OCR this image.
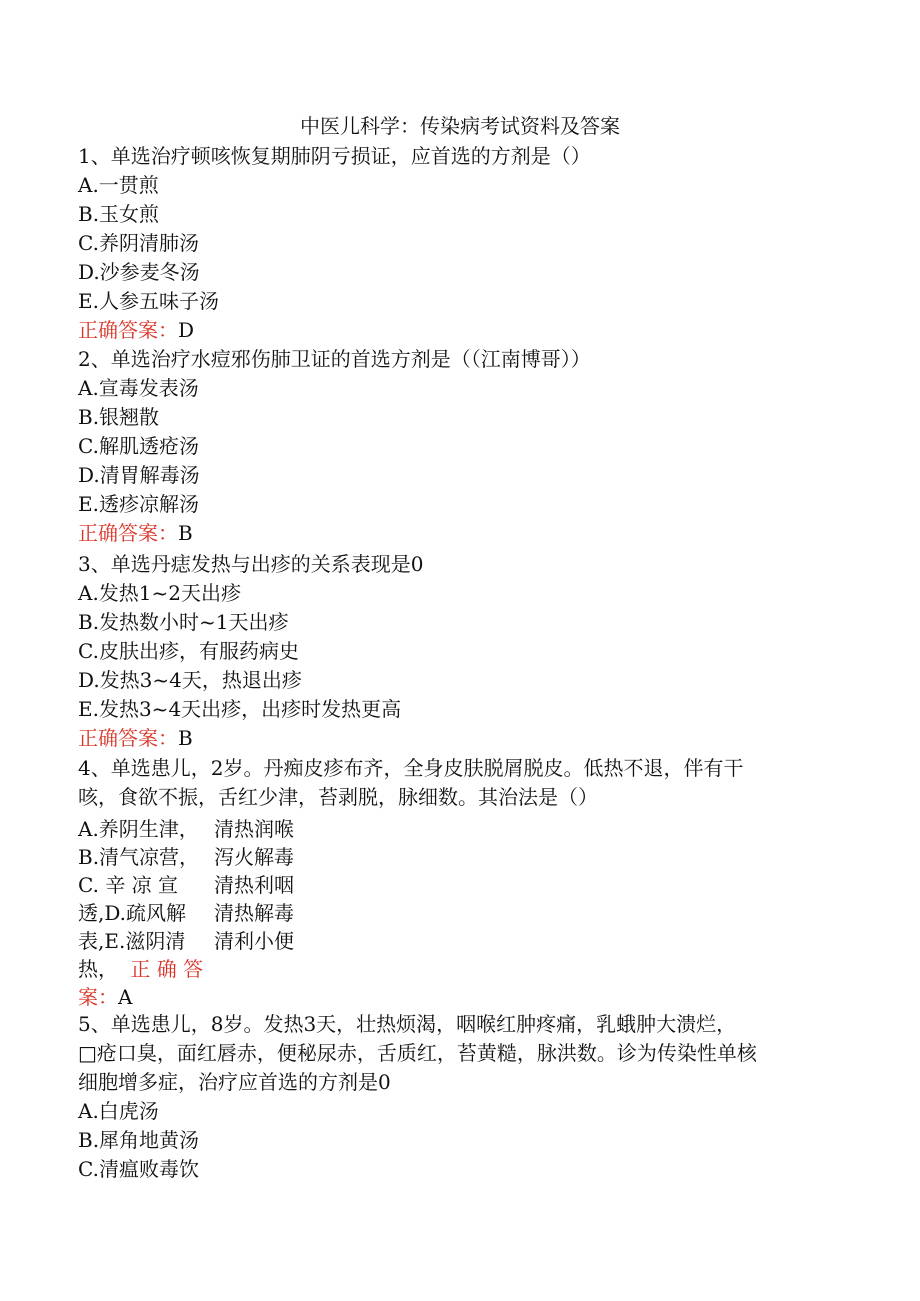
中医儿科学：传染病考试资料及答案
1、单选治疗顿咳恢复期肺阴亏损证，应首选的方剂是（）
A.一贯煎
B.玉女煎
C.养阴清肺汤
D.沙参麦冬汤
E.人参五味子汤
正确答案：D
2、单选治疗水痘邪伤肺卫证的首选方剂是（（江南博哥））
A.宣毒发表汤
B.银翘散
C.解肌透疮汤
D.清胃解毒汤
E.透疹凉解汤
正确答案：B
3、单选丹痣发热与出疹的关系表现是0
A.发热1~2天出疹
B.发热数小时~1天出疹
C.皮肤出疹，有服药病史
D.发热3~4天，热退出疹
E.发热3~4天出疹，出疹时发热更高
正确答案：B
4、单选患儿，2岁。丹痴皮疹布齐，全身皮肤脱屑脱皮。低热不退，伴有干
咳，食欲不振，舌红少津，苔剥脱，脉细数。其治法是（）
A.养阴生津，
B.清气凉营，
C. 辛 凉 宣
透,D.疏风解
表,E.滋阴清
热， 正 确 答
案：A
清热润喉
泻火解毒
清热利咽
清热解毒
清利小便
5、单选患儿，8岁。发热3天，壮热烦渴，咽喉红肿疼痛，乳蛾肿大溃烂，
□疮口臭，面红唇赤，便秘尿赤，舌质红，苔黄糙，脉洪数。诊为传染性单核
细胞增多症，治疗应首选的方剂是0
A.白虎汤
B.犀角地黄汤
C.清瘟败毒饮
